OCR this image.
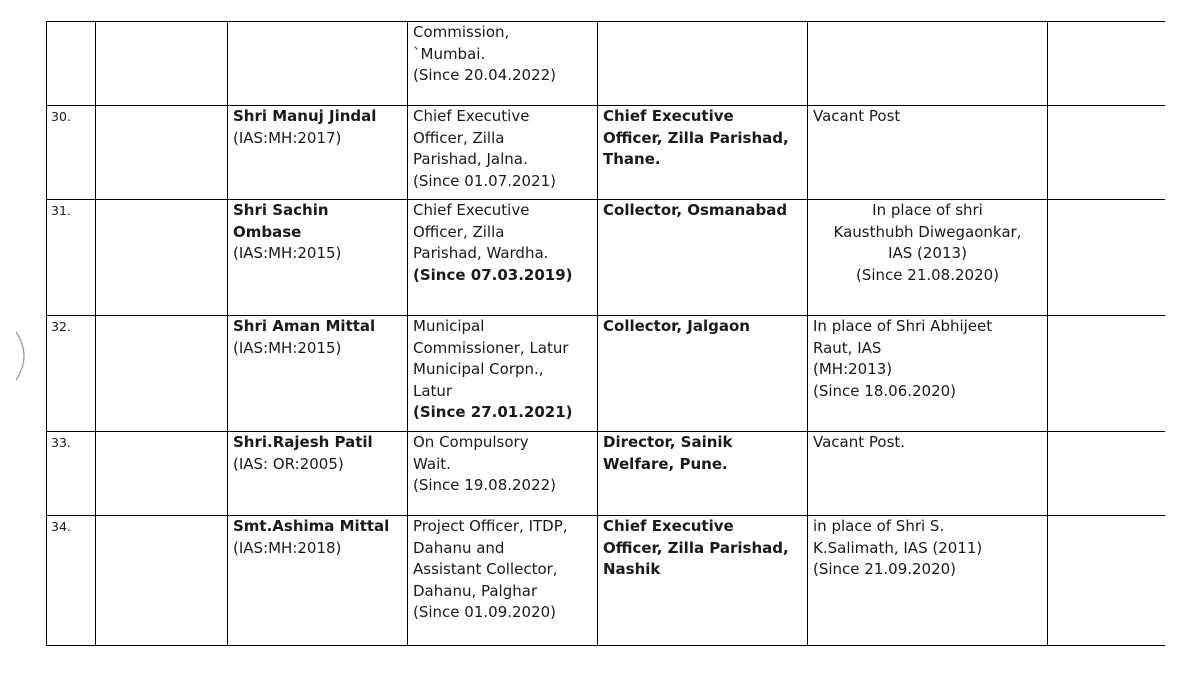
			Commission,
`Mumbai.
(Since 20.04.2022)			

30.		Shri Manuj Jindal
(IAS:MH:2017)	Chief Executive
Officer, Zilla
Parishad, Jalna.
(Since 01.07.2021)	Chief Executive
Officer, Zilla Parishad,
Thane.	Vacant Post	

31.		Shri Sachin
Ombase
(IAS:MH:2015)	Chief Executive
Officer, Zilla
Parishad, Wardha.
(Since 07.03.2019)	Collector, Osmanabad	In place of shri
Kausthubh Diwegaonkar,
IAS (2013)
(Since 21.08.2020)	

32.		Shri Aman Mittal
(IAS:MH:2015)	Municipal
Commissioner, Latur
Municipal Corpn.,
Latur
(Since 27.01.2021)	Collector, Jalgaon	In place of Shri Abhijeet
Raut, IAS
(MH:2013)
(Since 18.06.2020)	

33.		Shri.Rajesh Patil
(IAS: OR:2005)	On Compulsory
Wait.
(Since 19.08.2022)	Director, Sainik
Welfare, Pune.	Vacant Post.	

34.		Smt.Ashima Mittal
(IAS:MH:2018)	Project Officer, ITDP,
Dahanu and
Assistant Collector,
Dahanu, Palghar
(Since 01.09.2020)	Chief Executive
Officer, Zilla Parishad,
Nashik	in place of Shri S.
K.Salimath, IAS (2011)
(Since 21.09.2020)	
